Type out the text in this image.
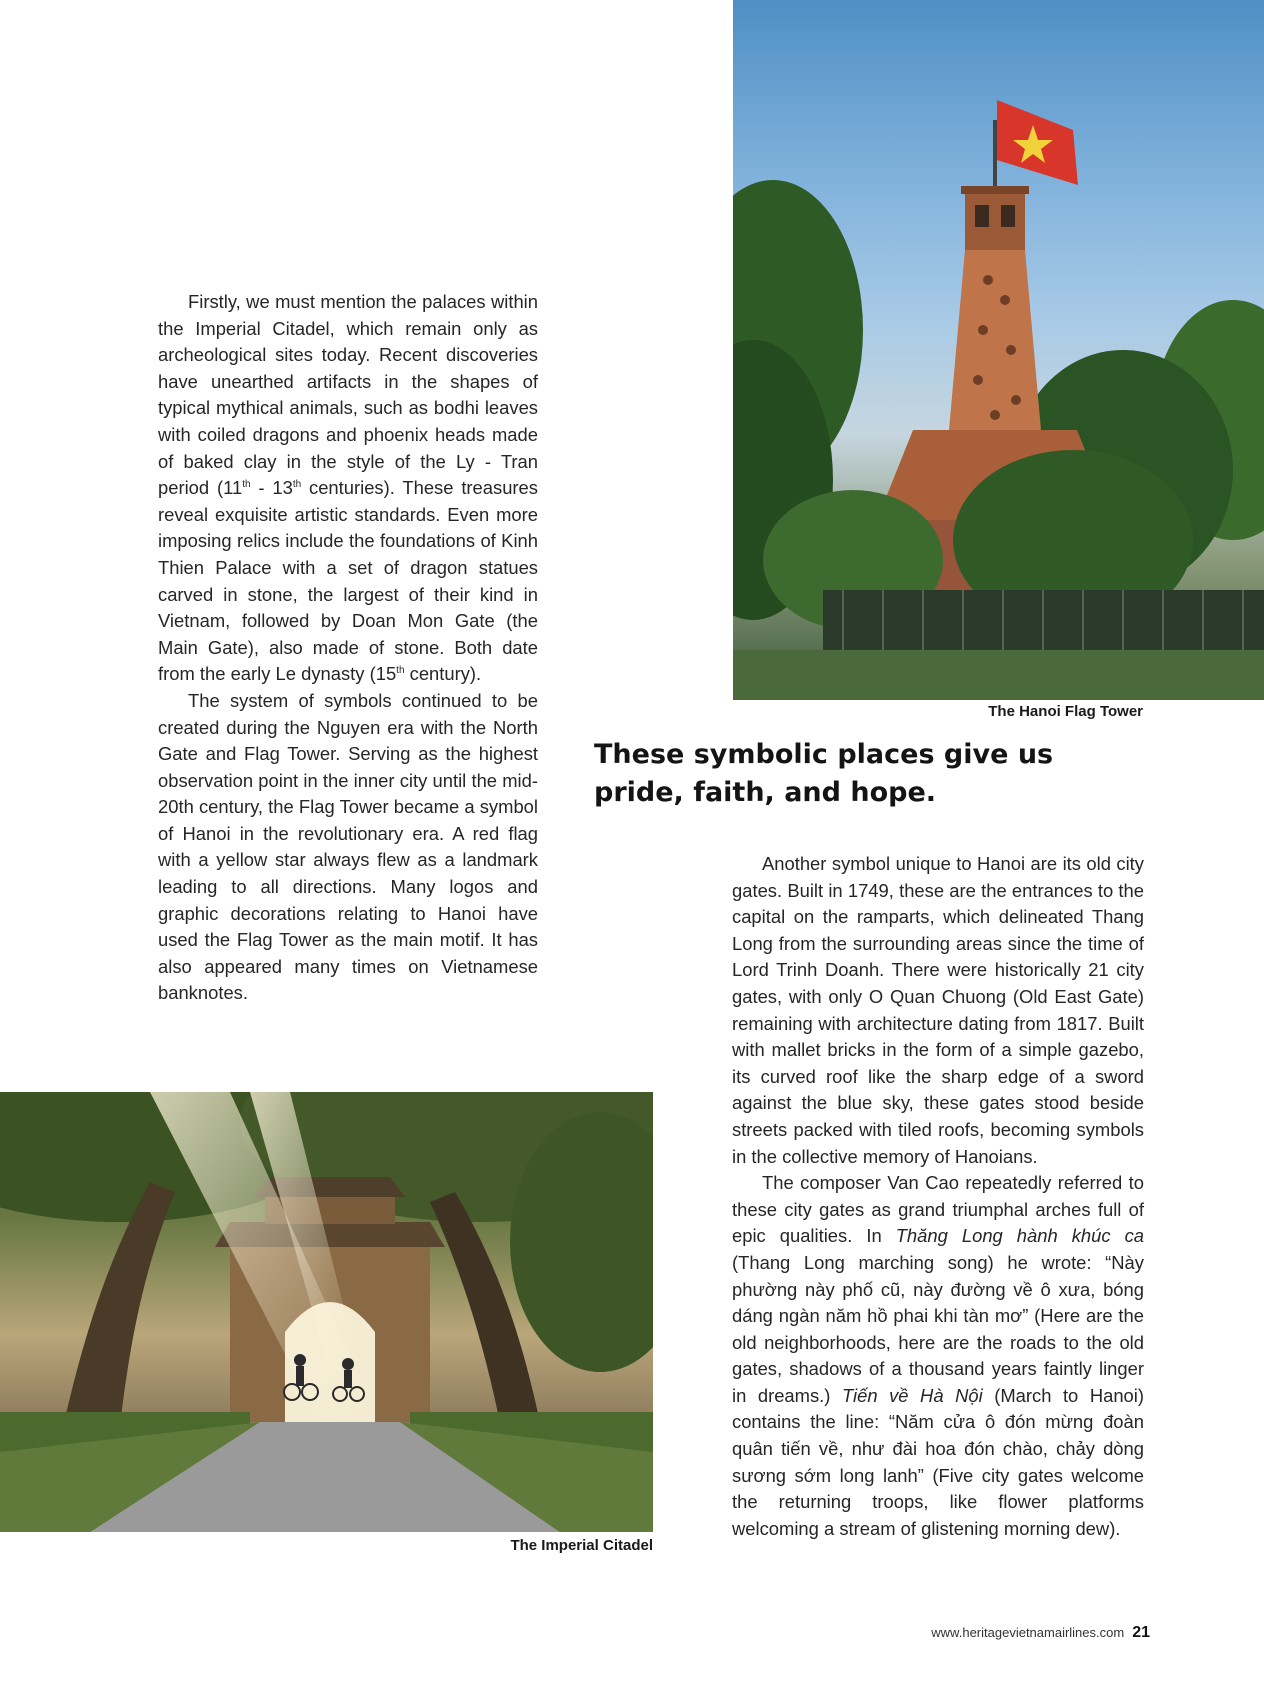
Firstly, we must mention the palaces within the Imperial Citadel, which remain only as archeological sites today. Recent discoveries have unearthed artifacts in the shapes of typical mythical animals, such as bodhi leaves with coiled dragons and phoenix heads made of baked clay in the style of the Ly - Tran period (11th - 13th centuries). These treasures reveal exquisite artistic standards. Even more imposing relics include the foundations of Kinh Thien Palace with a set of dragon statues carved in stone, the largest of their kind in Vietnam, followed by Doan Mon Gate (the Main Gate), also made of stone. Both date from the early Le dynasty (15th century).

The system of symbols continued to be created during the Nguyen era with the North Gate and Flag Tower. Serving as the highest observation point in the inner city until the mid-20th century, the Flag Tower became a symbol of Hanoi in the revolutionary era. A red flag with a yellow star always flew as a landmark leading to all directions. Many logos and graphic decorations relating to Hanoi have used the Flag Tower as the main motif. It has also appeared many times on Vietnamese banknotes.

The Hanoi Flag Tower
These symbolic places give us pride, faith, and hope.

Another symbol unique to Hanoi are its old city gates. Built in 1749, these are the entrances to the capital on the ramparts, which delineated Thang Long from the surrounding areas since the time of Lord Trinh Doanh. There were historically 21 city gates, with only O Quan Chuong (Old East Gate) remaining with architecture dating from 1817. Built with mallet bricks in the form of a simple gazebo, its curved roof like the sharp edge of a sword against the blue sky, these gates stood beside streets packed with tiled roofs, becoming symbols in the collective memory of Hanoians.

The composer Van Cao repeatedly referred to these city gates as grand triumphal arches full of epic qualities. In Thăng Long hành khúc ca (Thang Long marching song) he wrote: “Này phường này phố cũ, này đường về ô xưa, bóng dáng ngàn năm hồ phai khi tàn mơ” (Here are the old neighborhoods, here are the roads to the old gates, shadows of a thousand years faintly linger in dreams.) Tiến về Hà Nội (March to Hanoi) contains the line: “Năm cửa ô đón mừng đoàn quân tiến về, như đài hoa đón chào, chảy dòng sương sớm long lanh” (Five city gates welcome the returning troops, like flower platforms welcoming a stream of glistening morning dew).

The Imperial Citadel
www.heritagevietnamairlines.com 21
